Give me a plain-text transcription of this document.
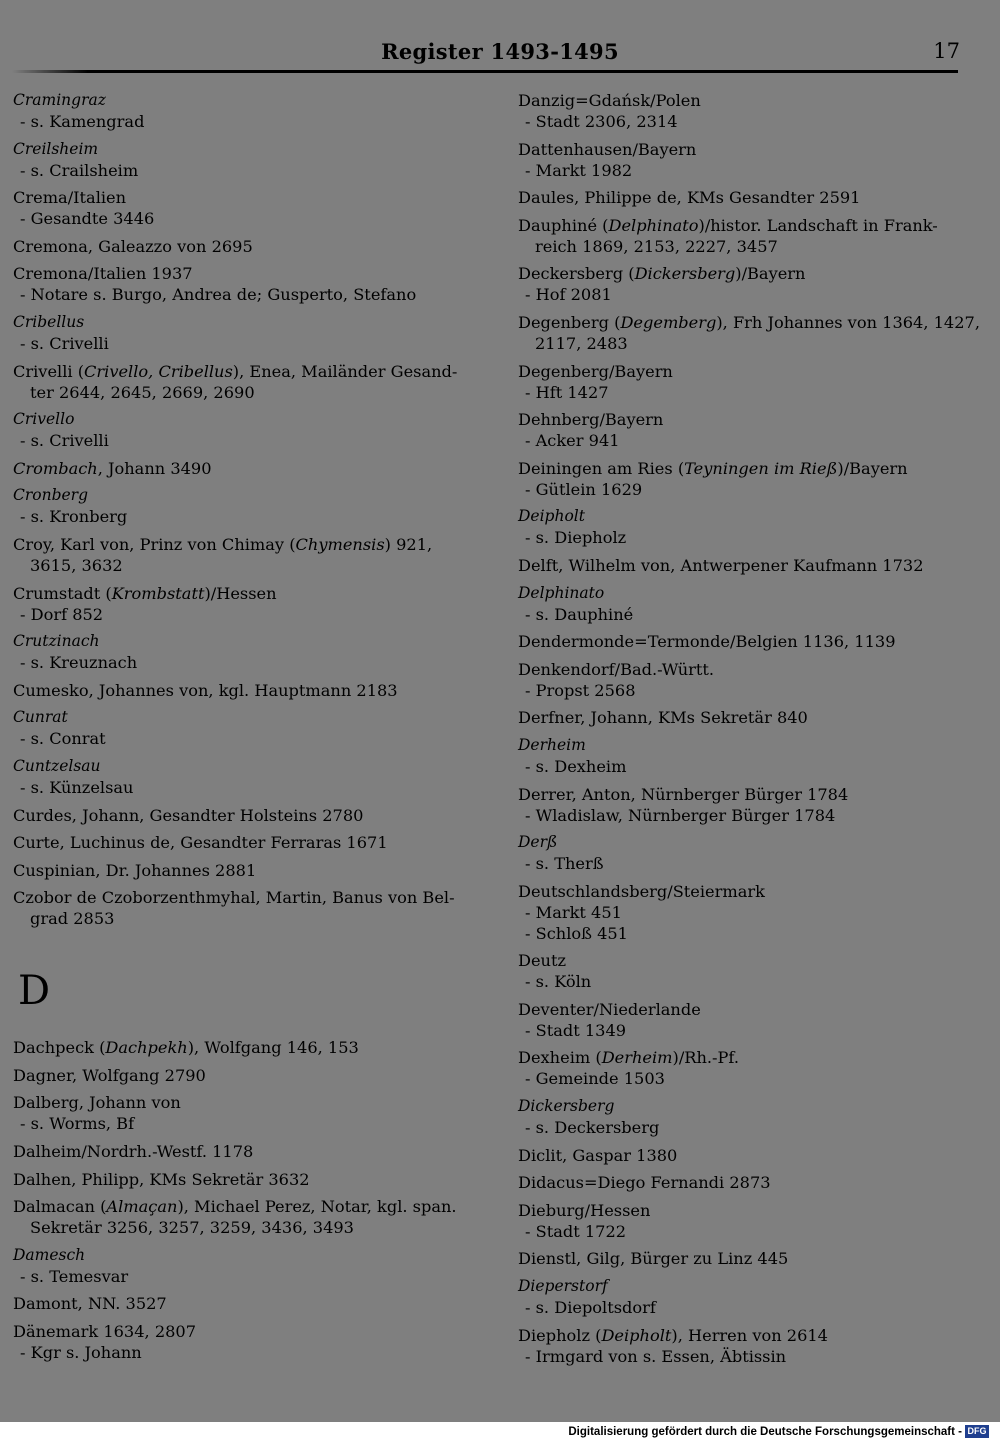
Register 1493-1495	17
Cramingraz
- s. Kamengrad
Creilsheim
- s. Crailsheim
Crema/Italien
- Gesandte 3446
Cremona, Galeazzo von 2695
Cremona/Italien 1937
- Notare s. Burgo, Andrea de; Gusperto, Stefano
Cribellus
- s. Crivelli
Crivelli (Crivello, Cribellus), Enea, Mailänder Gesand-
ter 2644, 2645, 2669, 2690
Crivello
- s. Crivelli
Crombach, Johann 3490
Cronberg
- s. Kronberg
Croy, Karl von, Prinz von Chimay (Chymensis) 921,
3615, 3632
Crumstadt (Krombstatt)/Hessen
- Dorf 852
Crutzinach
- s. Kreuznach
Cumesko, Johannes von, kgl. Hauptmann 2183
Cunrat
- s. Conrat
Cuntzelsau
- s. Künzelsau
Curdes, Johann, Gesandter Holsteins 2780
Curte, Luchinus de, Gesandter Ferraras 1671
Cuspinian, Dr. Johannes 2881
Czobor de Czoborzenthmyhal, Martin, Banus von Bel-
grad 2853
D
Dachpeck (Dachpekh), Wolfgang 146, 153
Dagner, Wolfgang 2790
Dalberg, Johann von
- s. Worms, Bf
Dalheim/Nordrh.-Westf. 1178
Dalhen, Philipp, KMs Sekretär 3632
Dalmacan (Almaçan), Michael Perez, Notar, kgl. span.
Sekretär 3256, 3257, 3259, 3436, 3493
Damesch
- s. Temesvar
Damont, NN. 3527
Dänemark 1634, 2807
- Kgr s. Johann
Danzig=Gdańsk/Polen
- Stadt 2306, 2314
Dattenhausen/Bayern
- Markt 1982
Daules, Philippe de, KMs Gesandter 2591
Dauphiné (Delphinato)/histor. Landschaft in Frank-
reich 1869, 2153, 2227, 3457
Deckersberg (Dickersberg)/Bayern
- Hof 2081
Degenberg (Degemberg), Frh Johannes von 1364, 1427,
2117, 2483
Degenberg/Bayern
- Hft 1427
Dehnberg/Bayern
- Acker 941
Deiningen am Ries (Teyningen im Rieß)/Bayern
- Gütlein 1629
Deipholt
- s. Diepholz
Delft, Wilhelm von, Antwerpener Kaufmann 1732
Delphinato
- s. Dauphiné
Dendermonde=Termonde/Belgien 1136, 1139
Denkendorf/Bad.-Württ.
- Propst 2568
Derfner, Johann, KMs Sekretär 840
Derheim
- s. Dexheim
Derrer, Anton, Nürnberger Bürger 1784
- Wladislaw, Nürnberger Bürger 1784
Derß
- s. Therß
Deutschlandsberg/Steiermark
- Markt 451
- Schloß 451
Deutz
- s. Köln
Deventer/Niederlande
- Stadt 1349
Dexheim (Derheim)/Rh.-Pf.
- Gemeinde 1503
Dickersberg
- s. Deckersberg
Diclit, Gaspar 1380
Didacus=Diego Fernandi 2873
Dieburg/Hessen
- Stadt 1722
Dienstl, Gilg, Bürger zu Linz 445
Dieperstorf
- s. Diepoltsdorf
Diepholz (Deipholt), Herren von 2614
- Irmgard von s. Essen, Äbtissin
Digitalisierung gefördert durch die Deutsche Forschungsgemeinschaft - DFG
